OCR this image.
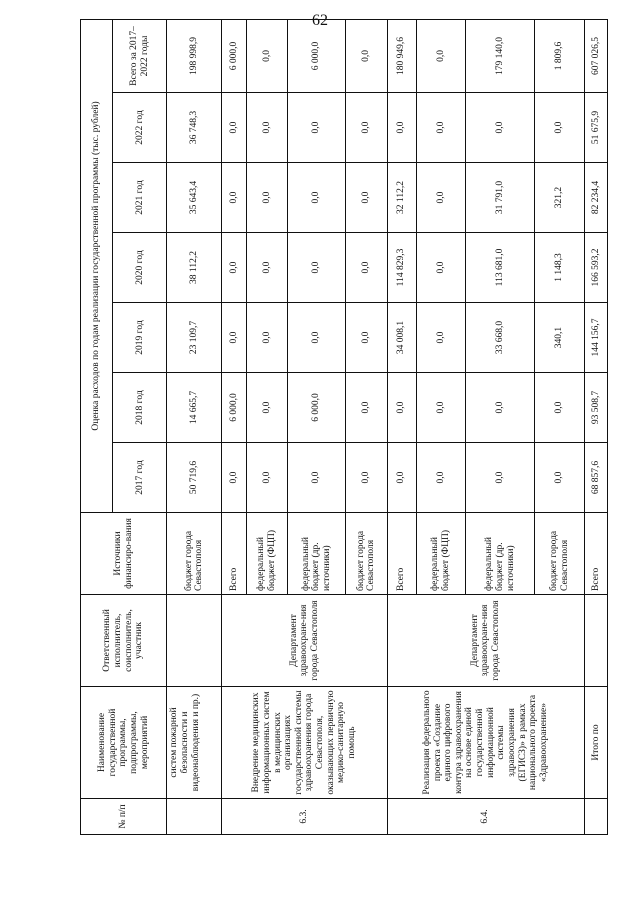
62
№ п/п	Наименование государственной программы, подпрограммы, мероприятий	Ответственный исполнитель, соисполнитель, участник	Источники финансиро-вания	Оценка расходов по годам реализации государственной программы (тыс. рублей)						
				2017 год	2018 год	2019 год	2020 год	2021 год	2022 год	Всего за 2017–2022 годы
	систем пожарной безопасности и видеонаблюдения и пр.)		бюджет города Севастополя	50 719,6	14 665,7	23 109,7	38 112,2	35 643,4	36 748,3	198 998,9
6.3.	Внедрение медицинских информационных систем в медицинских организациях государственной системы здравоохранения города Севастополя, оказывающих первичную медико-санитарную помощь	Департамент здравоохране-ния города Севастополя	Всего	0,0	6 000,0	0,0	0,0	0,0	0,0	6 000,0
			федеральный бюджет (ФЦП)	0,0	0,0	0,0	0,0	0,0	0,0	0,0
			федеральный бюджет (др. источники)	0,0	6 000,0	0,0	0,0	0,0	0,0	6 000,0
			бюджет города Севастополя	0,0	0,0	0,0	0,0	0,0	0,0	0,0
6.4.	Реализация федерального проекта «Создание единого цифрового контура здравоохранения на основе единой государственной информационной системы здравоохранения (ЕГИСЗ)» в рамках национального проекта «Здравоохранение»	Департамент здравоохране-ния города Севастополя	Всего	0,0	0,0	34 008,1	114 829,3	32 112,2	0,0	180 949,6
			федеральный бюджет (ФЦП)	0,0	0,0	0,0	0,0	0,0	0,0	0,0
			федеральный бюджет (др. источники)	0,0	0,0	33 668,0	113 681,0	31 791,0	0,0	179 140,0
			бюджет города Севастополя	0,0	0,0	340,1	1 148,3	321,2	0,0	1 809,6
	Итого по		Всего	68 857,6	93 508,7	144 156,7	166 593,2	82 234,4	51 675,9	607 026,5
